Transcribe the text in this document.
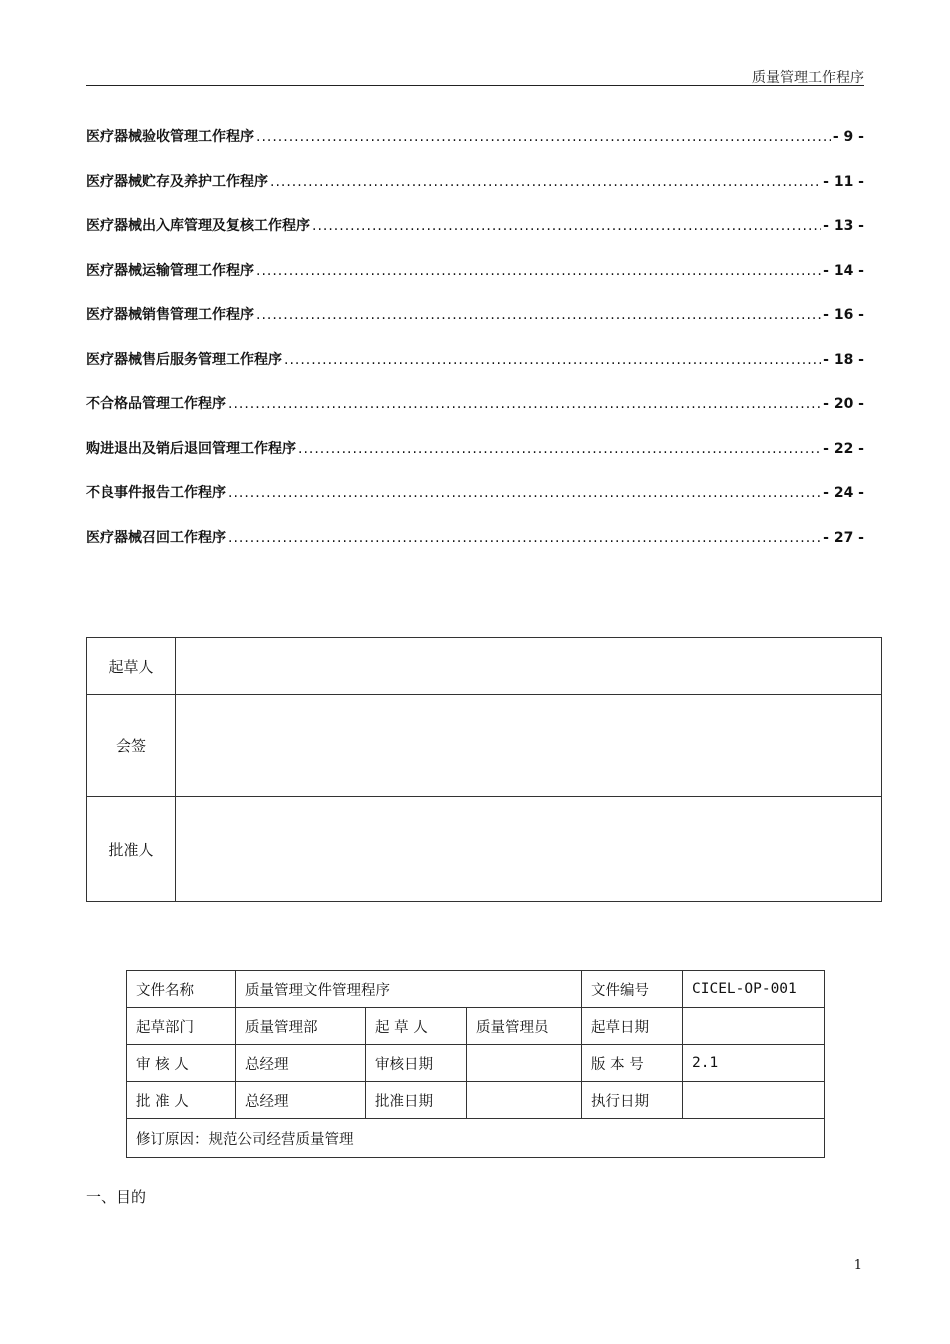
质量管理工作程序
医疗器械验收管理工作程序 .....	- 9 -
医疗器械贮存及养护工作程序 .....	- 11 -
医疗器械出入库管理及复核工作程序 .....	- 13 -
医疗器械运输管理工作程序 .....	- 14 -
医疗器械销售管理工作程序 .....	- 16 -
医疗器械售后服务管理工作程序 .....	- 18 -
不合格品管理工作程序 .....	- 20 -
购进退出及销后退回管理工作程序 .....	- 22 -
不良事件报告工作程序 .....	- 24 -
医疗器械召回工作程序 .....	- 27 -
起草人	
会签	
批准人	
文件名称	质量管理文件管理程序			文件编号	CICEL-OP-001
起草部门	质量管理部	起 草 人	质量管理员	起草日期	
审 核 人	总经理	审核日期		版 本 号	2.1
批 准 人	总经理	批准日期		执行日期	
修订原因：规范公司经营质量管理					
一、目的
1
